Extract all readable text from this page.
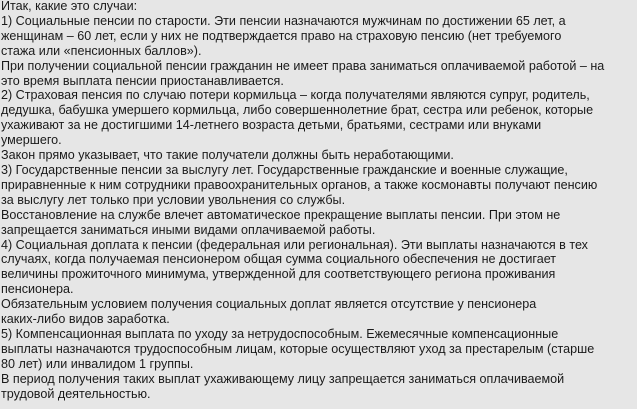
Итак, какие это случаи:
1) Социальные пенсии по старости. Эти пенсии назначаются мужчинам по достижении 65 лет, а
женщинам – 60 лет, если у них не подтверждается право на страховую пенсию (нет требуемого
стажа или «пенсионных баллов»).
При получении социальной пенсии гражданин не имеет права заниматься оплачиваемой работой – на
это время выплата пенсии приостанавливается.
2) Страховая пенсия по случаю потери кормильца – когда получателями являются супруг, родитель,
дедушка, бабушка умершего кормильца, либо совершеннолетние брат, сестра или ребенок, которые
ухаживают за не достигшими 14-летнего возраста детьми, братьями, сестрами или внуками
умершего.
Закон прямо указывает, что такие получатели должны быть неработающими.
3) Государственные пенсии за выслугу лет. Государственные гражданские и военные служащие,
приравненные к ним сотрудники правоохранительных органов, а также космонавты получают пенсию
за выслугу лет только при условии увольнения со службы.
Восстановление на службе влечет автоматическое прекращение выплаты пенсии. При этом не
запрещается заниматься иными видами оплачиваемой работы.
4) Социальная доплата к пенсии (федеральная или региональная). Эти выплаты назначаются в тех
случаях, когда получаемая пенсионером общая сумма социального обеспечения не достигает
величины прожиточного минимума, утвержденной для соответствующего региона проживания
пенсионера.
Обязательным условием получения социальных доплат является отсутствие у пенсионера
каких-либо видов заработка.
5) Компенсационная выплата по уходу за нетрудоспособным. Ежемесячные компенсационные
выплаты назначаются трудоспособным лицам, которые осуществляют уход за престарелым (старше
80 лет) или инвалидом 1 группы.
В период получения таких выплат ухаживающему лицу запрещается заниматься оплачиваемой
трудовой деятельностью.
